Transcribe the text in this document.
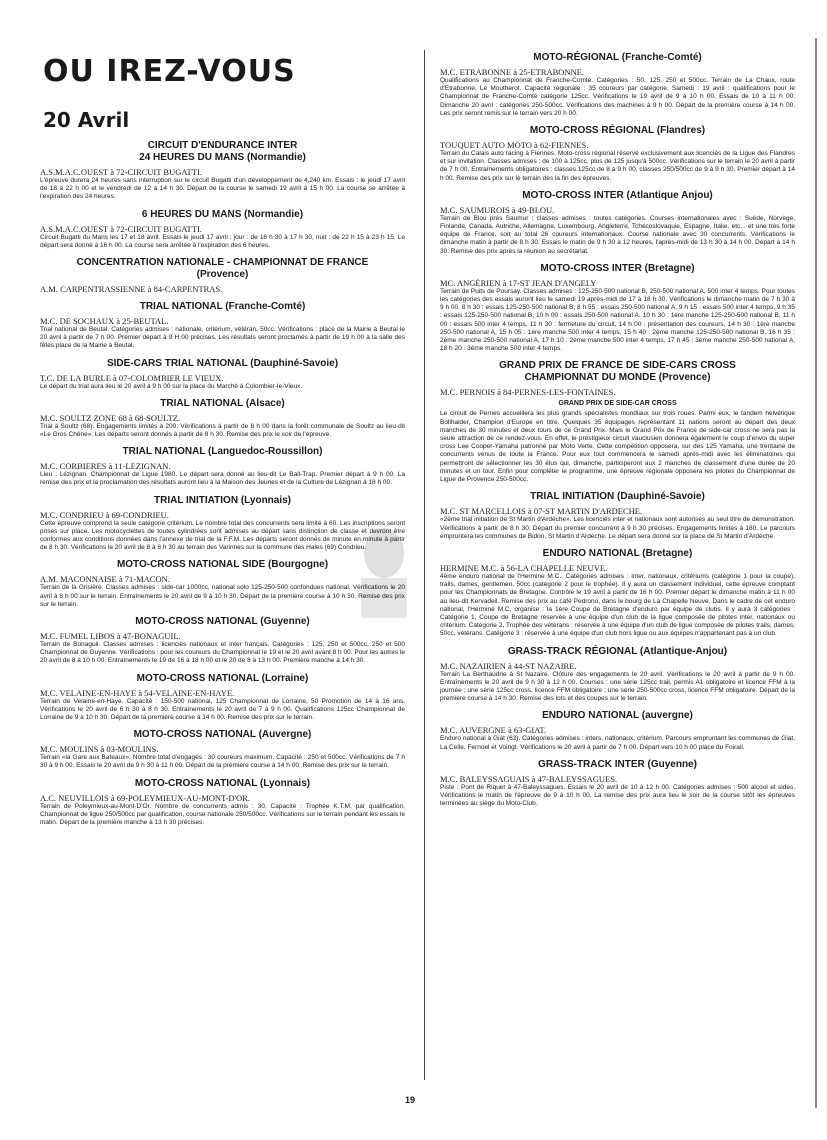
OU IREZ-VOUS
20 Avril
CIRCUIT D'ENDURANCE INTER
24 HEURES DU MANS (Normandie)

A.S.M.A.C.OUEST à 72-CIRCUIT BUGATTI.

L'épreuve durera 24 heures sans interruption sur le circuit Bugatti d'un développement de 4,240 km. Essais : le jeudi 17 avril de 18 à 22 h 00 et le vendredi de 12 à 14 h 30. Départ de la course le samedi 19 avril à 15 h 00. La course se arrêtée à l'expiration des 24 heures.

6 HEURES DU MANS (Normandie)

A.S.M.A.C.OUEST à 72-CIRCUIT BUGATTI.

Circuit Bugatti du Mans les 17 et 18 avril. Essais le jeudi 17 avril : jour : de 16 h 30 à 17 h 30, nuit : de 22 h 15 à 23 h 15. Le départ sera donné à 16 h 00. La course sera arrêtée à l'expiration des 6 heures.

CONCENTRATION NATIONALE - CHAMPIONNAT DE FRANCE
(Provence)

A.M. CARPENTRASSIENNE à 84-CARPENTRAS.

TRIAL NATIONAL (Franche-Comté)

M.C. DE SOCHAUX à 25-BEUTAL.

Trial national de Beutal. Catégories admises : nationale, critérium, vétéran, 50cc. Vérifications : place de la Mairie à Beutal le 20 avril à partir de 7 h 00. Premier départ à 9 H 00 précises. Les résultats seront proclamés à partir de 19 h 00 à la salle des fêtes place de la Mairie à Beutal.

SIDE-CARS TRIAL NATIONAL (Dauphiné-Savoie)

T.C. DE LA BURLE à 07-COLOMBIER LE VIEUX.

Le départ du trial aura lieu le 20 avril à 9 h 00 sur la place du Marché à Colombier-le-Vieux.

TRIAL NATIONAL (Alsace)

M.C. SOULTZ ZONE 68 à 68-SOULTZ.

Trial à Soultz (68). Engagements limités à 200. Vérifications à partir de 8 h 00 dans la forêt communale de Soultz au lieu-dit «Le Gros Chêne». Les départs seront donnés à partir de 8 h 30. Remise des prix le soir de l'épreuve.

TRIAL NATIONAL (Languedoc-Roussillon)

M.C. CORBIERES à 11-LEZIGNAN.

Lieu : Lézignan. Championnat de Ligue 1980. Le départ sera donné au lieu-dit Le Ball-Trap. Premier départ à 9 h 00. La remise des prix et la proclamation des résultats auront lieu à la Maison des Jeunes et de la Culture de Lézignan à 18 h 00.

TRIAL INITIATION (Lyonnais)

M.C. CONDRIEU à 69-CONDRIEU.

Cette épreuve comprend la seule catégorie critérium. Le nombre total des concurrents sera limité à 60. Les inscriptions seront prises sur place. Les motocyclettes de toutes cylindrées sont admises au départ sans distinction de classe et devront être conformes aux conditions données dans l'annexe de trial de la F.F.M. Les départs seront donnés de minute en minute à partir de 8 h 30. Vérifications le 20 avril de 8 à 8 h 30 au terrain des Varinnes sur la commune des Haies (69) Condrieu.

MOTO-CROSS NATIONAL SIDE (Bourgogne)

A.M. MACONNAISE à 71-MACON.

Terrain de la Grisière. Classes admises : side-car 1000cc, national solo 125-250-500 confondues national. Vérifications le 20 avril à 8 h 00 sur le terrain. Entraînements le 20 avril de 9 à 10 h 30. Départ de la première course à 10 h 30. Remise des prix sur le terrain.

MOTO-CROSS NATIONAL (Guyenne)

M.C. FUMEL LIBOS à 47-BONAGUIL.

Terrain de Bonaguil. Classes admises : licenciés nationaux et inter français. Catégories : 125, 250 et 500cc, 250 et 500 Championnat de Guyenne. Vérifications : pour les coureurs du Championnat le 19 et le 20 avril avant 8 h 00. Pour les autres le 20 avril de 8 à 10 h 00. Entraînements le 19 de 16 à 18 h 00 et le 20 de 8 à 13 h 00. Première manche à 14 h 30.

MOTO-CROSS NATIONAL (Lorraine)

M.C. VELAINE-EN-HAYE à 54-VELAINE-EN-HAYE.

Terrain de Velaine-en-Haye. Capacité : 150-500 national, 125 Championnat de Lorraine, 50 Promotion de 14 à 16 ans. Vérifications le 20 avril de 6 h 30 à 8 h 30. Entraînements le 20 avril de 7 à 9 h 00. Qualifications 125cc Championnat de Lorraine de 9 à 10 h 30. Départ de la première course à 14 h 00. Remise des prix sur le terrain.

MOTO-CROSS NATIONAL (Auvergne)

M.C. MOULINS à 03-MOULINS.

Terrain «la Gare aux Bateaux». Nombre total d'engagés : 30 coureurs maximum. Capacité : 250 et 500cc. Vérifications de 7 h 30 à 9 h 00. Essais le 20 avril de 9 h 30 à 11 h 00. Départ de la première course à 14 h 00. Remise des prix sur le terrain.

MOTO-CROSS NATIONAL (Lyonnais)

A.C. NEUVILLOIS à 69-POLEYMIEUX-AU-MONT-D'OR.

Terrain de Poleymieux-au-Mont-D'Or. Nombre de concurrents admis : 30. Capacité : Trophée K.T.M. par qualification, Championnat de ligue 250/500cc par qualification, course nationale 250/500cc. Vérifications sur le terrain pendant les essais le matin. Départ de la première manche à 13 h 30 précises.

MOTO-RÉGIONAL (Franche-Comté)

M.C. ETRABONNE à 25-ETRABONNE.

Qualifications au Championnat de Franche-Comté. Catégories : 50, 125, 250 et 500cc. Terrain de La Chaux, route d'Etrabonne, Le Moutherot. Capacité régionale : 35 coureurs par catégorie. Samedi : 19 avril : qualifications pour le Championnat de Franche-Comté catégorie 125cc. Vérifications le 19 avril de 9 à 10 h 00. Essais de 10 à 11 h 00. Dimanche 20 avril : catégories 250-500cc. Vérifications des machines à 9 h 00. Départ de la première course à 14 h 00. Les prix seront remis sur le terrain vers 20 h 00.

MOTO-CROSS RÉGIONAL (Flandres)

TOUQUET AUTO MOTO à 62-FIENNES.

Terrain du Calais auto racing à Fiennes. Moto-cross régional réservé exclusivement aux licenciés de la Ligue des Flandres et sur invitation. Classes admises : de 100 à 125cc, plus de 125 jusqu'à 500cc. Vérifications sur le terrain le 20 avril à partir de 7 h 00. Entraînements obligatoires : classes 125cc de 8 à 9 h 00, classes 250/500cc de 9 à 9 h 30. Premier départ à 14 h 00. Remise des prix sur le terrain dès la fin des épreuves.

MOTO-CROSS INTER (Atlantique Anjou)

M.C. SAUMUROIS à 49-BLOU.

Terrain de Blou près Saumur ; classes admises : toutes catégories. Courses internationales avec : Suède, Norvège, Finlande, Canada, Autriche, Allemagne, Luxembourg, Angleterre, Tchécoslovaquie, Espagne, Italie, etc... et une très forte équipe de France, soit au total 26 coureurs internationaux. Course nationale avec 30 concurrents. Vérifications le dimanche matin à partir de 8 h 30. Essais le matin de 9 h 30 à 12 heures, l'après-midi de 13 h 30 à 14 h 00. Départ à 14 h 30. Remise des prix après la réunion au secrétariat.

MOTO-CROSS INTER (Bretagne)

MC. ANGÉRIEN à 17-ST JEAN D'ANGELY

Terrain de Puits de Poursay. Classes admises : 125-250-500 national B, 250-500 national A, 500 inter 4 temps. Pour toutes les catégories des essais auront lieu le samedi 19 après-midi de 17 à 18 h 30. Vérifications le dimanche matin de 7 h 30 à 9 h 00. 8 h 30 : essais 125-250-500 national B, 8 h 55 : essais 250-500 national A, 9 h 15 : essais 500 inter 4 temps, 9 h 35 : essais 125-250-500 national B, 10 h 00 : essais 250-500 national A, 10 h 30 : 1ère manche 125-250-500 national B, 11 h 00 : essais 500 inter 4 temps, 11 h 30 : fermeture du circuit, 14 h 00 : présentation des coureurs, 14 h 30 : 1ère manche 250-500 national A, 15 h 05 : 1ère manche 500 inter 4 temps, 15 h 40 : 2ème manche 125-250-500 national B, 16 h 35 : 2ème manche 250-500 national A, 17 h 10 : 2ème manche 500 inter 4 temps, 17 h 45 : 3ème manche 250-500 national A, 18 h 20 : 3ème manche 500 inter 4 temps.

GRAND PRIX DE FRANCE DE SIDE-CARS CROSS
CHAMPIONNAT DU MONDE (Provence)

M.C. PERNOIS à 84-PERNES-LES-FONTAINES.

GRAND PRIX DE SIDE-CAR CROSS

Le circuit de Pernes accueillera les plus grands spécialistes mondiaux sur trois roues. Parmi eux, le tandem helvétique Bollhalder, Champion d'Europe en titre. Quelques 35 équipages représentant 11 nations seront au départ des deux manches de 30 minutes et deux tours de ce Grand Prix. Mais le Grand Prix de France de side-car cross ne sera pas la seule attraction de ce rendez-vous. En effet, le prestigieux circuit vauclusien donnera également le coup d'envoi du super cross Lee Cooper-Yamaha patronné par Moto Verte. Cette compétition opposera, sur des 125 Yamaha, une trentaine de concurrents venus de toute la France. Pour eux tout commencera le samedi après-midi avec les éliminatoires qui permettront de sélectionner les 30 élus qui, dimanche, participeront aux 2 manches de classement d'une durée de 20 minutes et un tour. Enfin pour compléter le programme, une épreuve régionale opposera les pilotes du Championnat de Ligue de Provence 250-500cc.

TRIAL INITIATION (Dauphiné-Savoie)

M.C. ST MARCELLOIS à 07-ST MARTIN D'ARDECHE.

«2ème trial initiation de St Martin d'Ardèche». Les licenciés inter et nationaux sont autorisés au seul titre de démonstration. Vérifications à partir de 8 h 30. Départ du premier concurrent à 9 h 30 précises. Engagements limités à 180. Le parcours empruntera les communes de Bidon, St Martin d'Ardèche. Le départ sera donné sur la place de St Martin d'Ardèche.

ENDURO NATIONAL (Bretagne)

HERMINE M.C. à 56-LA CHAPELLE NEUVE.

4ème enduro national de l'Hermine M.C.. Catégories admises : inter, nationaux, critériums (catégorie 1 pour la coupe), trails, dames, gentlemen, 50cc (catégorie 2 pour le trophée). Il y aura un classement individuel, cette épreuve comptant pour les Championnats de Bretagne. Contrôle le 19 avril à partir de 16 h 00. Premier départ le dimanche matin à 11 h 00 au lieu-dit Kervadeil. Remise des prix au café Pedrono, dans le bourg de La Chapelle Neuve. Dans le cadre de cet enduro national, l'Hermine M.C. organise : la 1ère Coupe de Bretagne d'enduro par équipe de clubs. Il y aura 3 catégories : Catégorie 1, Coupe de Bretagne réservée à une équipe d'un club de la ligue composée de pilotes inter, nationaux ou critérium. Catégorie 2, Trophée des vétérans : réservée à une équipe d'un club de ligue composée de pilotes trails, dames, 50cc, vétérans. Catégorie 3 : réservée à une équipe d'un club hors ligue ou aux équipes n'appartenant pas à un club.

GRASS-TRACK RÉGIONAL (Atlantique-Anjou)

M.C. NAZAIRIEN à 44-ST NAZAIRE.

Terrain La Berthaudrie à St Nazaire. Clôture des engagements le 20 avril. Vérifications le 20 avril à partir de 9 h 00. Entraînements le 20 avril de 9 h 30 à 12 h 00. Courses : une série 125cc trail, permis A1 obligatoire et licence FFM à la journée ; une série 125cc cross, licence FFM obligatoire ; une série 250-500cc cross, licence FFM obligatoire. Départ de la première course à 14 h 30. Remise des lots et des coupes sur le terrain.

ENDURO NATIONAL (auvergne)

M.C. AUVERGNE à 63-GIAT.

Enduro national à Giat (63). Catégories admises : inters, nationaux, critérium. Parcours empruntant les communes de Giat, La Celle, Fernoel et Voingt. Vérifications le 20 avril à partir de 7 h 00. Départ vers 10 h 00 place du Foirail.

GRASS-TRACK INTER (Guyenne)

M.C. BALEYSSAGUAIS à 47-BALEYSSAGUES.

Piste : Pont de Riquet à 47-Baleyssagues. Essais le 20 avril de 10 à 12 h 00. Catégories admises : 500 alcool et sides. Vérifications le matin de l'épreuve de 9 à 10 h 00. La remise des prix aura lieu le soir de la course sitôt les épreuves terminées au siège du Moto-Club.

19
